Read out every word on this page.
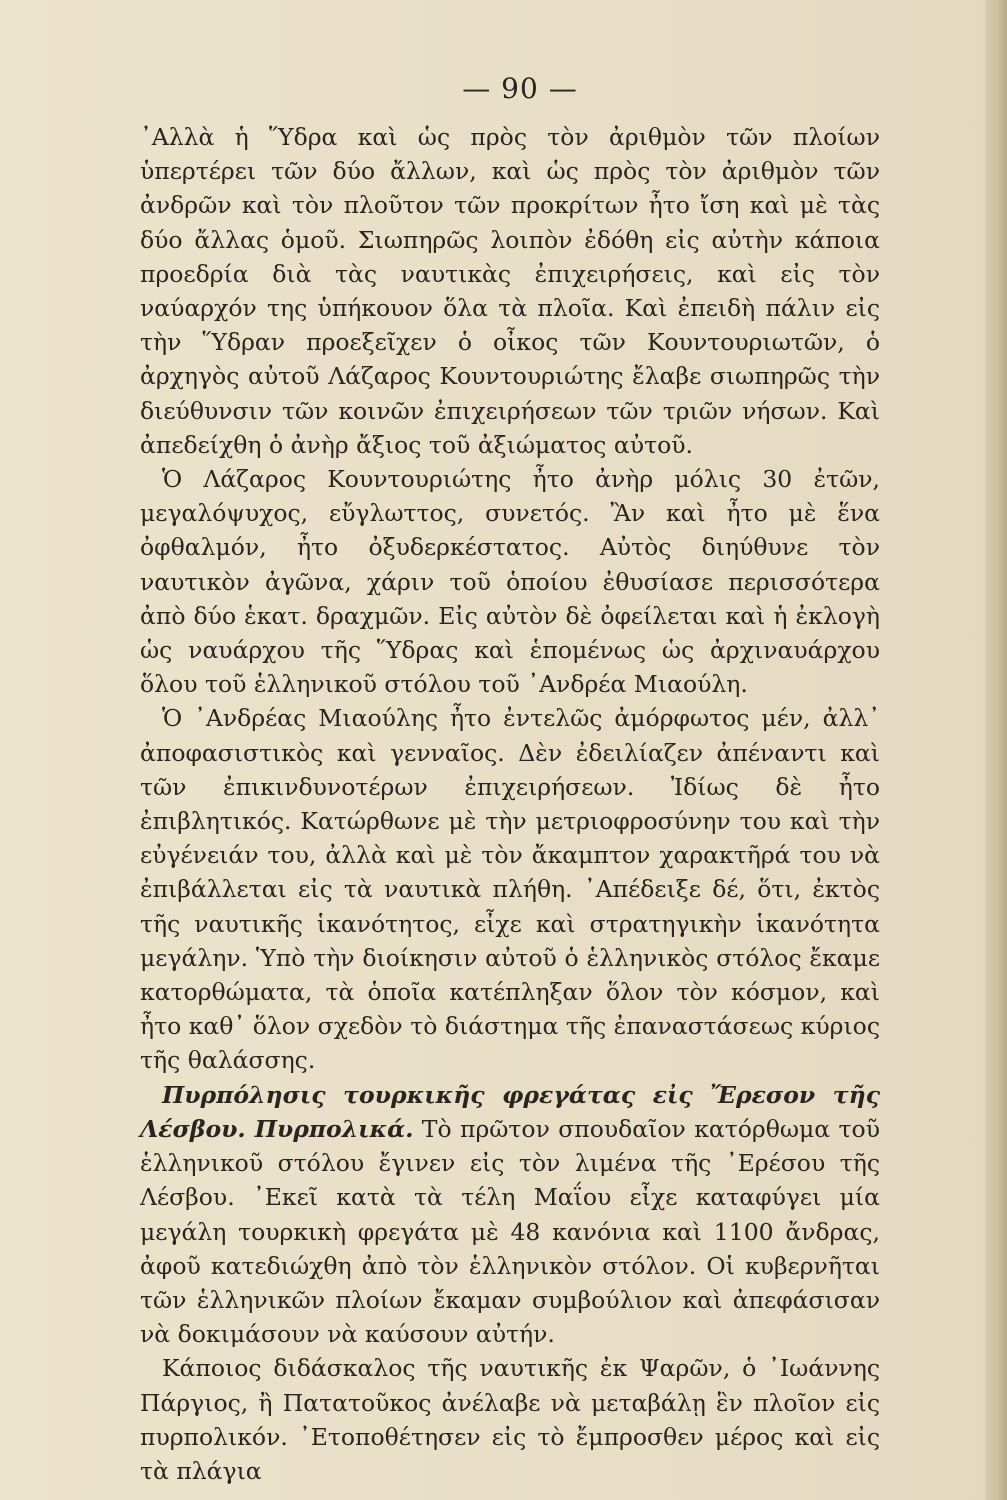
— 90 —

᾿Αλλὰ ἡ Ὕδρα καὶ ὡς πρὸς τὸν ἀριθμὸν τῶν πλοίων ὑπερτέρει τῶν δύο ἄλλων, καὶ ὡς πρὸς τὸν ἀριθμὸν τῶν ἀνδρῶν καὶ τὸν πλοῦτον τῶν προκρίτων ἦτο ἴση καὶ μὲ τὰς δύο ἄλλας ὁμοῦ. Σιωπηρῶς λοιπὸν ἐδόθη εἰς αὐτὴν κάποια προεδρία διὰ τὰς ναυτικὰς ἐπιχειρήσεις, καὶ εἰς τὸν ναύαρχόν της ὑπήκουον ὅλα τὰ πλοῖα. Καὶ ἐπειδὴ πάλιν εἰς τὴν Ὕδραν προεξεῖχεν ὁ οἶκος τῶν Κουντουριωτῶν, ὁ ἀρχηγὸς αὐτοῦ Λάζαρος Κουντουριώτης ἔλαβε σιωπηρῶς τὴν διεύθυνσιν τῶν κοινῶν ἐπιχειρήσεων τῶν τριῶν νήσων. Καὶ ἀπεδείχθη ὁ ἀνὴρ ἄξιος τοῦ ἀξιώματος αὐτοῦ.

Ὁ Λάζαρος Κουντουριώτης ἦτο ἀνὴρ μόλις 30 ἐτῶν, μεγαλόψυχος, εὔγλωττος, συνετός. Ἂν καὶ ἦτο μὲ ἕνα ὀφθαλμόν, ἦτο ὀξυδερκέστατος. Αὐτὸς διηύθυνε τὸν ναυτικὸν ἀγῶνα, χάριν τοῦ ὁποίου ἐθυσίασε περισσότερα ἀπὸ δύο ἑκατ. δραχμῶν. Εἰς αὐτὸν δὲ ὀφείλεται καὶ ἡ ἐκλογὴ ὡς ναυάρχου τῆς Ὕδρας καὶ ἑπομένως ὡς ἀρχιναυάρχου ὅλου τοῦ ἑλληνικοῦ στόλου τοῦ ᾿Ανδρέα Μιαούλη.

Ὁ ᾿Ανδρέας Μιαούλης ἦτο ἐντελῶς ἀμόρφωτος μέν, ἀλλ᾿ ἀποφασιστικὸς καὶ γενναῖος. Δὲν ἐδειλίαζεν ἀπέναντι καὶ τῶν ἐπικινδυνοτέρων ἐπιχειρήσεων. Ἰδίως δὲ ἦτο ἐπιβλητικός. Κατώρθωνε μὲ τὴν μετριοφροσύνην του καὶ τὴν εὐγένειάν του, ἀλλὰ καὶ μὲ τὸν ἄκαμπτον χαρακτῆρά του νὰ ἐπιβάλλεται εἰς τὰ ναυτικὰ πλήθη. ᾿Απέδειξε δέ, ὅτι, ἐκτὸς τῆς ναυτικῆς ἱκανότητος, εἶχε καὶ στρατηγικὴν ἱκανότητα μεγάλην. Ὑπὸ τὴν διοίκησιν αὐτοῦ ὁ ἑλληνικὸς στόλος ἔκαμε κατορθώματα, τὰ ὁποῖα κατέπληξαν ὅλον τὸν κόσμον, καὶ ἦτο καθ᾿ ὅλον σχεδὸν τὸ διάστημα τῆς ἐπαναστάσεως κύριος τῆς θαλάσσης.

Πυρπόλησις τουρκικῆς φρεγάτας εἰς Ἔρεσον τῆς Λέσβου. Πυρπολικά. Τὸ πρῶτον σπουδαῖον κατόρθωμα τοῦ ἑλληνικοῦ στόλου ἔγινεν εἰς τὸν λιμένα τῆς ᾿Ερέσου τῆς Λέσβου. ᾿Εκεῖ κατὰ τὰ τέλη Μαΐου εἶχε καταφύγει μία μεγάλη τουρκικὴ φρεγάτα μὲ 48 κανόνια καὶ 1100 ἄνδρας, ἀφοῦ κατεδιώχθη ἀπὸ τὸν ἑλληνικὸν στόλον. Οἱ κυβερνῆται τῶν ἑλληνικῶν πλοίων ἔκαμαν συμβούλιον καὶ ἀπεφάσισαν νὰ δοκιμάσουν νὰ καύσουν αὐτήν.

Κάποιος διδάσκαλος τῆς ναυτικῆς ἐκ Ψαρῶν, ὁ ᾿Ιωάννης Πάργιος, ἢ Πατατοῦκος ἀνέλαβε νὰ μεταβάλῃ ἓν πλοῖον εἰς πυρπολικόν. ᾿Ετοποθέτησεν εἰς τὸ ἔμπροσθεν μέρος καὶ εἰς τὰ πλάγια
